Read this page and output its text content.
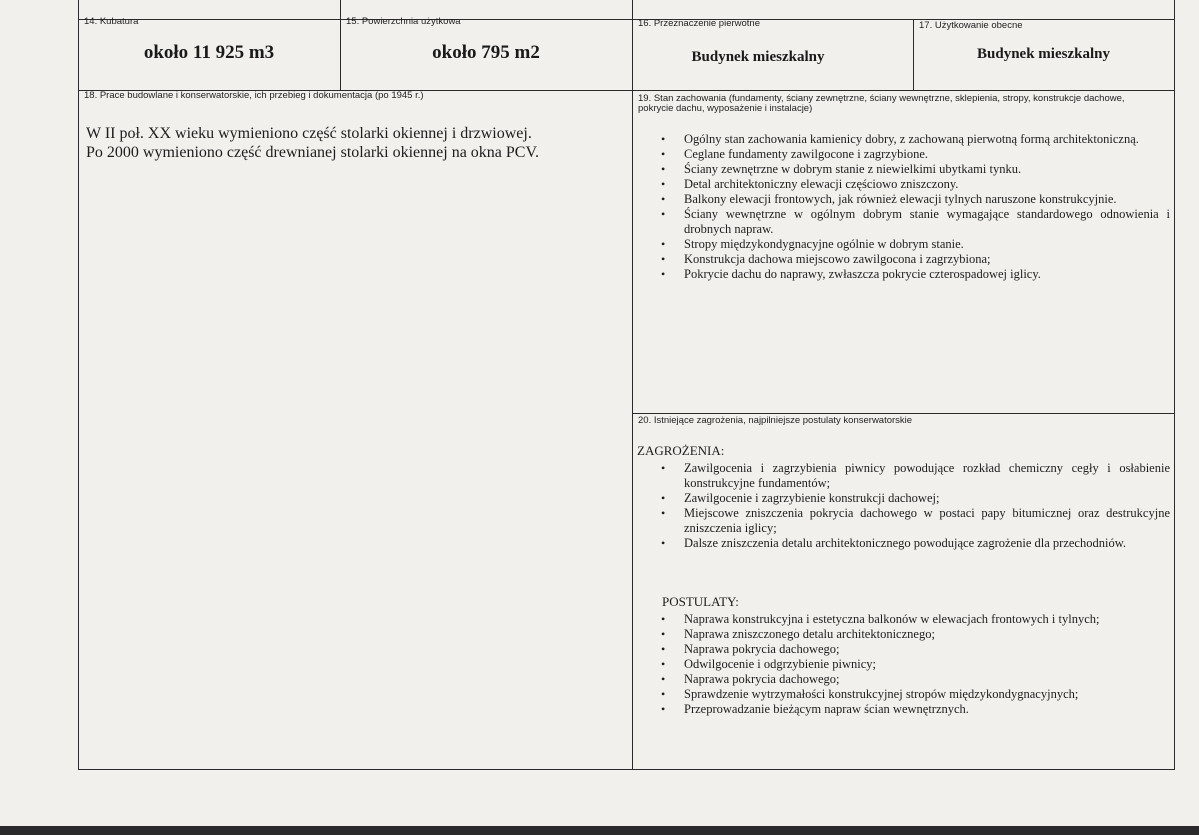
14. Kubatura
około 11 925 m3
15. Powierzchnia użytkowa
około 795 m2
16. Przeznaczenie pierwotne
Budynek mieszkalny
17. Użytkowanie obecne
Budynek mieszkalny
18. Prace budowlane i konserwatorskie, ich przebieg i dokumentacja (po 1945 r.)
W II poł. XX wieku wymieniono część stolarki okiennej i drzwiowej.
Po 2000 wymieniono część drewnianej stolarki okiennej na okna PCV.
19. Stan zachowania (fundamenty, ściany zewnętrzne, ściany wewnętrzne, sklepienia, stropy, konstrukcje dachowe, pokrycie dachu, wyposażenie i instalacje)
• Ogólny stan zachowania kamienicy dobry, z zachowaną pierwotną formą architektoniczną.
• Ceglane fundamenty zawilgocone i zagrzybione.
• Ściany zewnętrzne w dobrym stanie z niewielkimi ubytkami tynku.
• Detal architektoniczny elewacji częściowo zniszczony.
• Balkony elewacji frontowych, jak również elewacji tylnych naruszone konstrukcyjnie.
• Ściany wewnętrzne w ogólnym dobrym stanie wymagające standardowego odnowienia i drobnych napraw.
• Stropy międzykondygnacyjne ogólnie w dobrym stanie.
• Konstrukcja dachowa miejscowo zawilgocona i zagrzybiona;
• Pokrycie dachu do naprawy, zwłaszcza pokrycie czterospadowej iglicy.
20. Istniejące zagrożenia, najpilniejsze postulaty konserwatorskie
ZAGROŻENIA:
• Zawilgocenia i zagrzybienia piwnicy powodujące rozkład chemiczny cegły i osłabienie konstrukcyjne fundamentów;
• Zawilgocenie i zagrzybienie konstrukcji dachowej;
• Miejscowe zniszczenia pokrycia dachowego w postaci papy bitumicznej oraz destrukcyjne zniszczenia iglicy;
• Dalsze zniszczenia detalu architektonicznego powodujące zagrożenie dla przechodniów.
POSTULATY:
• Naprawa konstrukcyjna i estetyczna balkonów w elewacjach frontowych i tylnych;
• Naprawa zniszczonego detalu architektonicznego;
• Naprawa pokrycia dachowego;
• Odwilgocenie i odgrzybienie piwnicy;
• Naprawa pokrycia dachowego;
• Sprawdzenie wytrzymałości konstrukcyjnej stropów międzykondygnacyjnych;
• Przeprowadzanie bieżącym napraw ścian wewnętrznych.
